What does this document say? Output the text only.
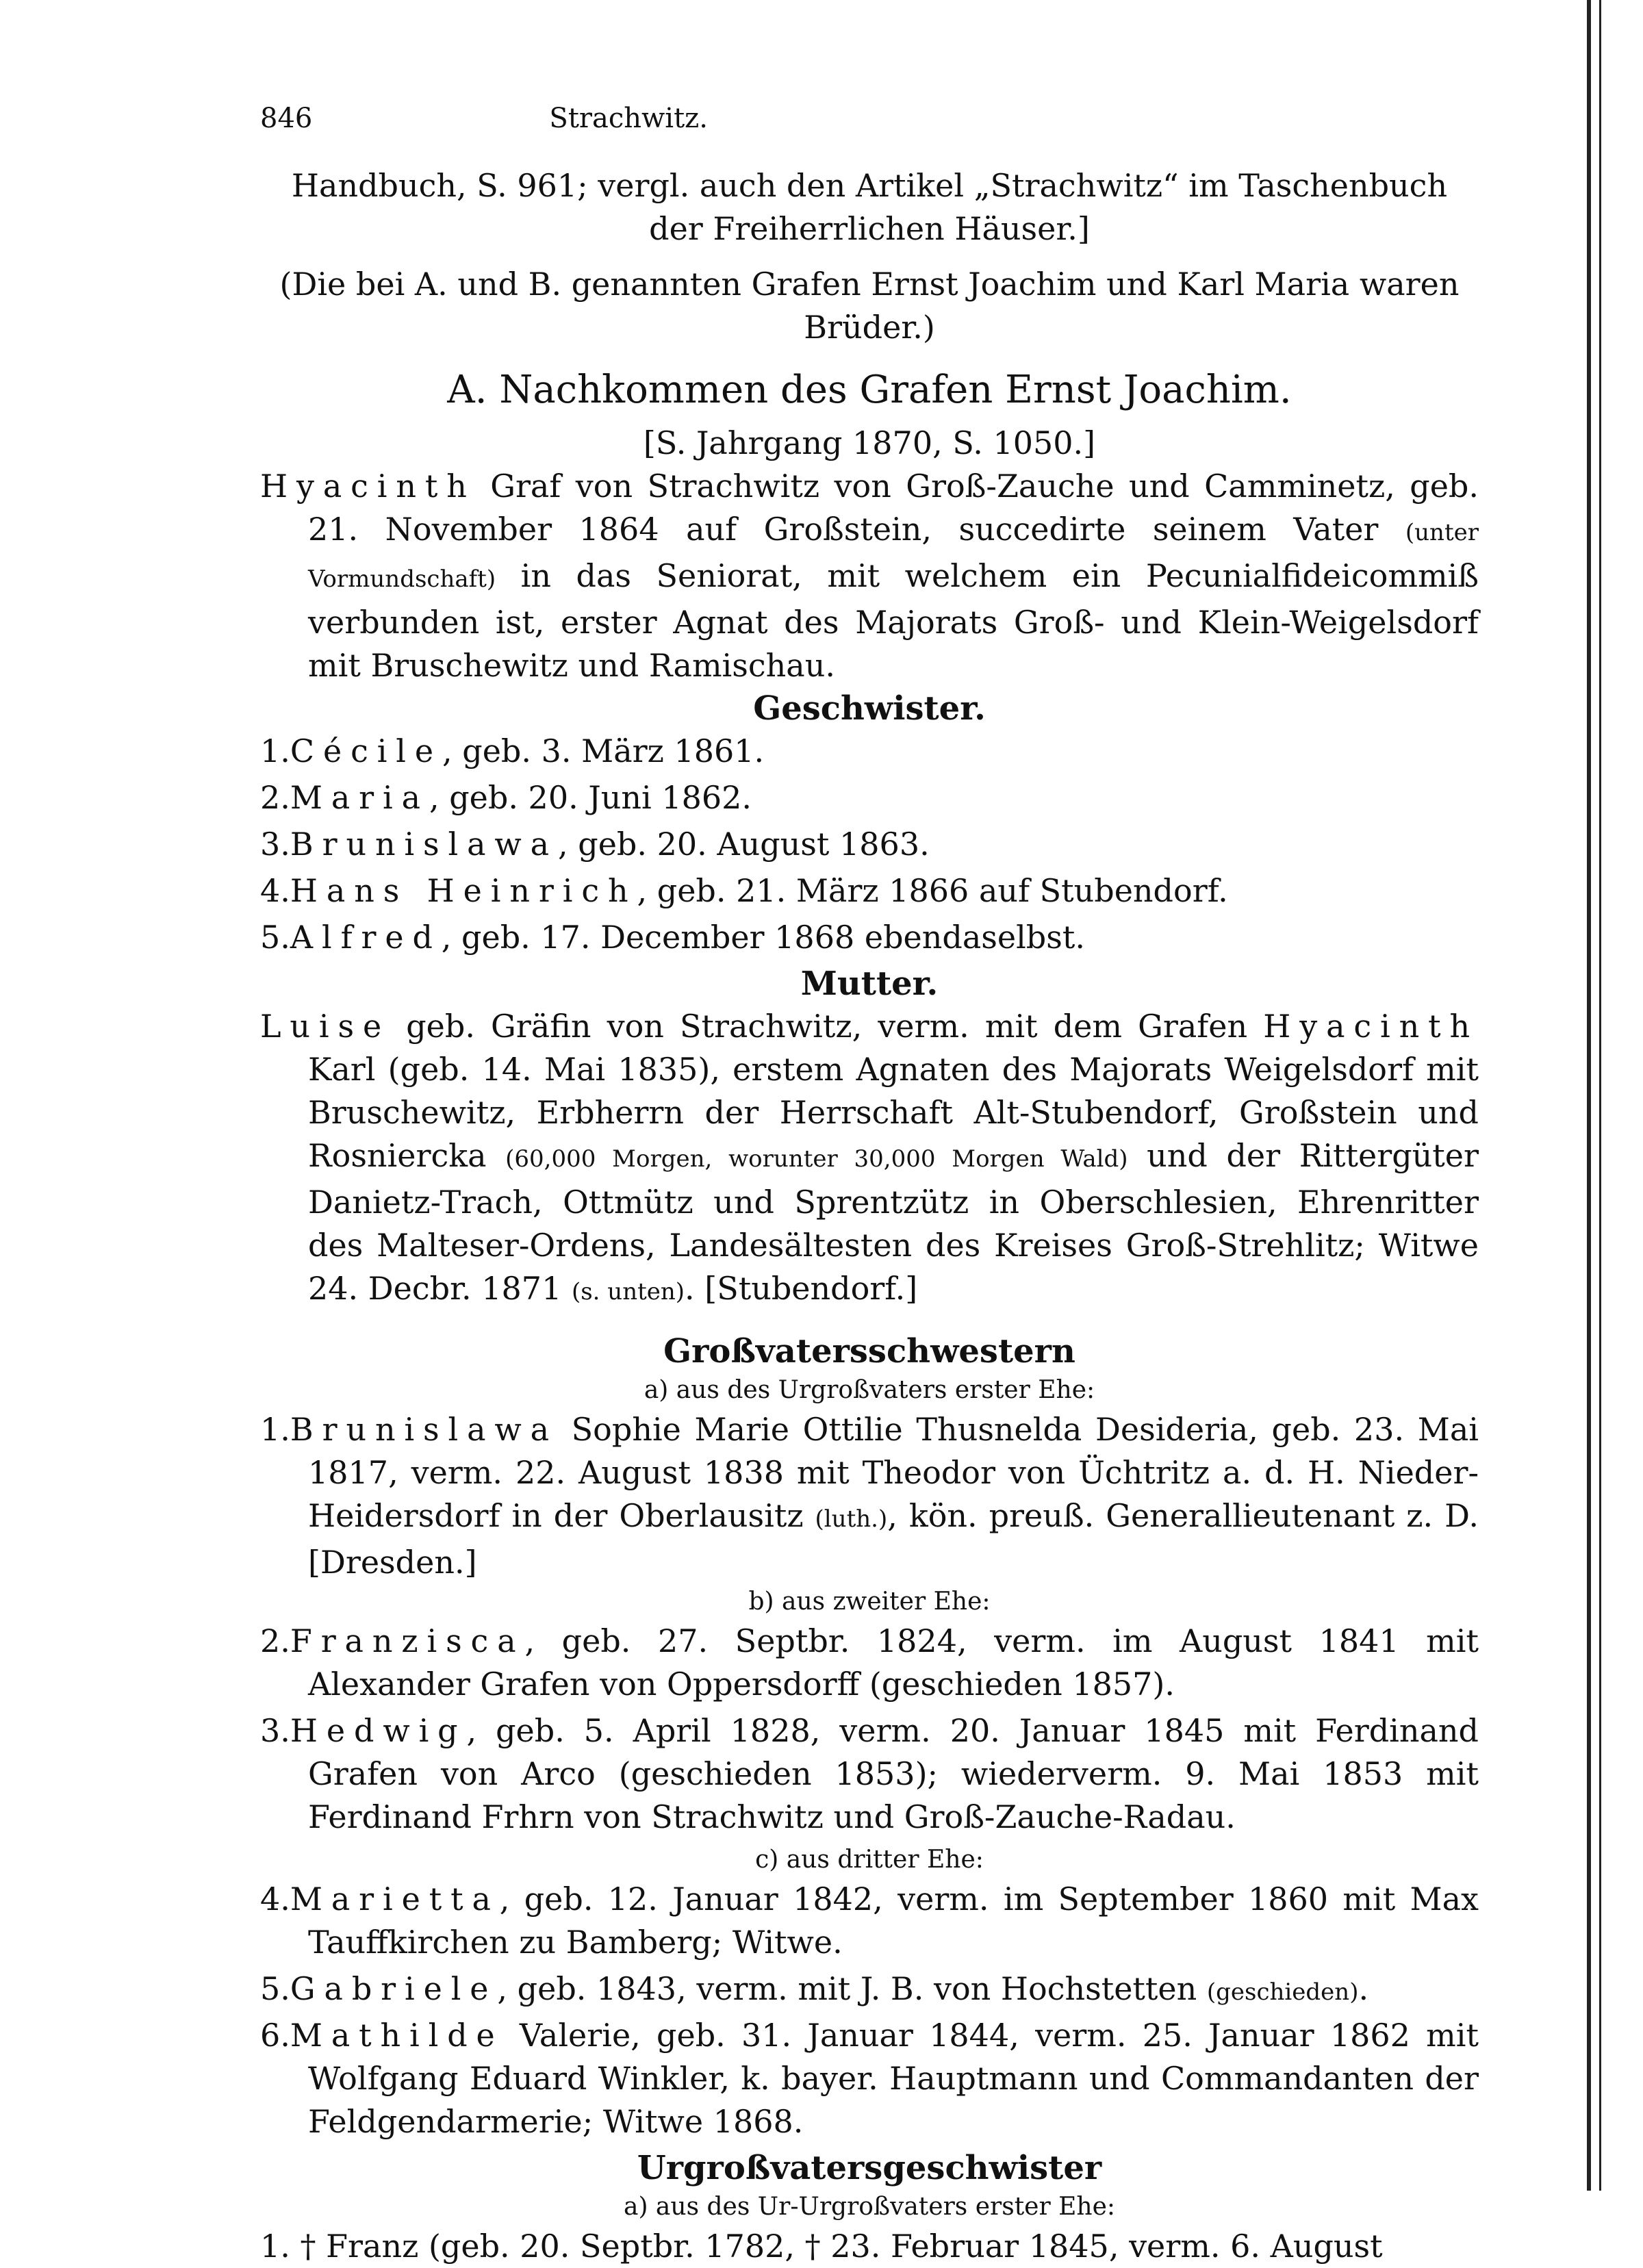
846	Strachwitz.
Handbuch, S. 961; vergl. auch den Artikel „Strachwitz“ im Taschenbuch der Freiherrlichen Häuser.]
(Die bei A. und B. genannten Grafen Ernst Joachim und Karl Maria waren Brüder.)
A. Nachkommen des Grafen Ernst Joachim.
[S. Jahrgang 1870, S. 1050.]
Hyacinth Graf von Strachwitz von Groß-Zauche und Camminetz, geb. 21. November 1864 auf Großstein, succedirte seinem Vater (unter Vormundschaft) in das Seniorat, mit welchem ein Pecunialfideicommiß verbunden ist, erster Agnat des Majorats Groß- und Klein-Weigelsdorf mit Bruschewitz und Ramischau.
Geschwister.
1.Cécile, geb. 3. März 1861.
2.Maria, geb. 20. Juni 1862.
3.Brunislawa, geb. 20. August 1863.
4.Hans Heinrich, geb. 21. März 1866 auf Stubendorf.
5.Alfred, geb. 17. December 1868 ebendaselbst.
Mutter.
Luise geb. Gräfin von Strachwitz, verm. mit dem Grafen Hyacinth Karl (geb. 14. Mai 1835), erstem Agnaten des Majorats Weigelsdorf mit Bruschewitz, Erbherrn der Herrschaft Alt-Stubendorf, Großstein und Rosniercka (60,000 Morgen, worunter 30,000 Morgen Wald) und der Rittergüter Danietz-Trach, Ottmütz und Sprentzütz in Oberschlesien, Ehrenritter des Malteser-Ordens, Landesältesten des Kreises Groß-Strehlitz; Witwe 24. Decbr. 1871 (s. unten). [Stubendorf.]
Großvatersschwestern
a) aus des Urgroßvaters erster Ehe:
1.Brunislawa Sophie Marie Ottilie Thusnelda Desideria, geb. 23. Mai 1817, verm. 22. August 1838 mit Theodor von Üchtritz a. d. H. Nieder-Heidersdorf in der Oberlausitz (luth.), kön. preuß. Generallieutenant z. D. [Dresden.]
b) aus zweiter Ehe:
2.Franzisca, geb. 27. Septbr. 1824, verm. im August 1841 mit Alexander Grafen von Oppersdorff (geschieden 1857).
3.Hedwig, geb. 5. April 1828, verm. 20. Januar 1845 mit Ferdinand Grafen von Arco (geschieden 1853); wiederverm. 9. Mai 1853 mit Ferdinand Frhrn von Strachwitz und Groß-Zauche-Radau.
c) aus dritter Ehe:
4.Marietta, geb. 12. Januar 1842, verm. im September 1860 mit Max Tauffkirchen zu Bamberg; Witwe.
5.Gabriele, geb. 1843, verm. mit J. B. von Hochstetten (geschieden).
6.Mathilde Valerie, geb. 31. Januar 1844, verm. 25. Januar 1862 mit Wolfgang Eduard Winkler, k. bayer. Hauptmann und Commandanten der Feldgendarmerie; Witwe 1868.
Urgroßvatersgeschwister
a) aus des Ur-Urgroßvaters erster Ehe:
1. † Franz (geb. 20. Septbr. 1782, † 23. Februar 1845, verm. 6. August
